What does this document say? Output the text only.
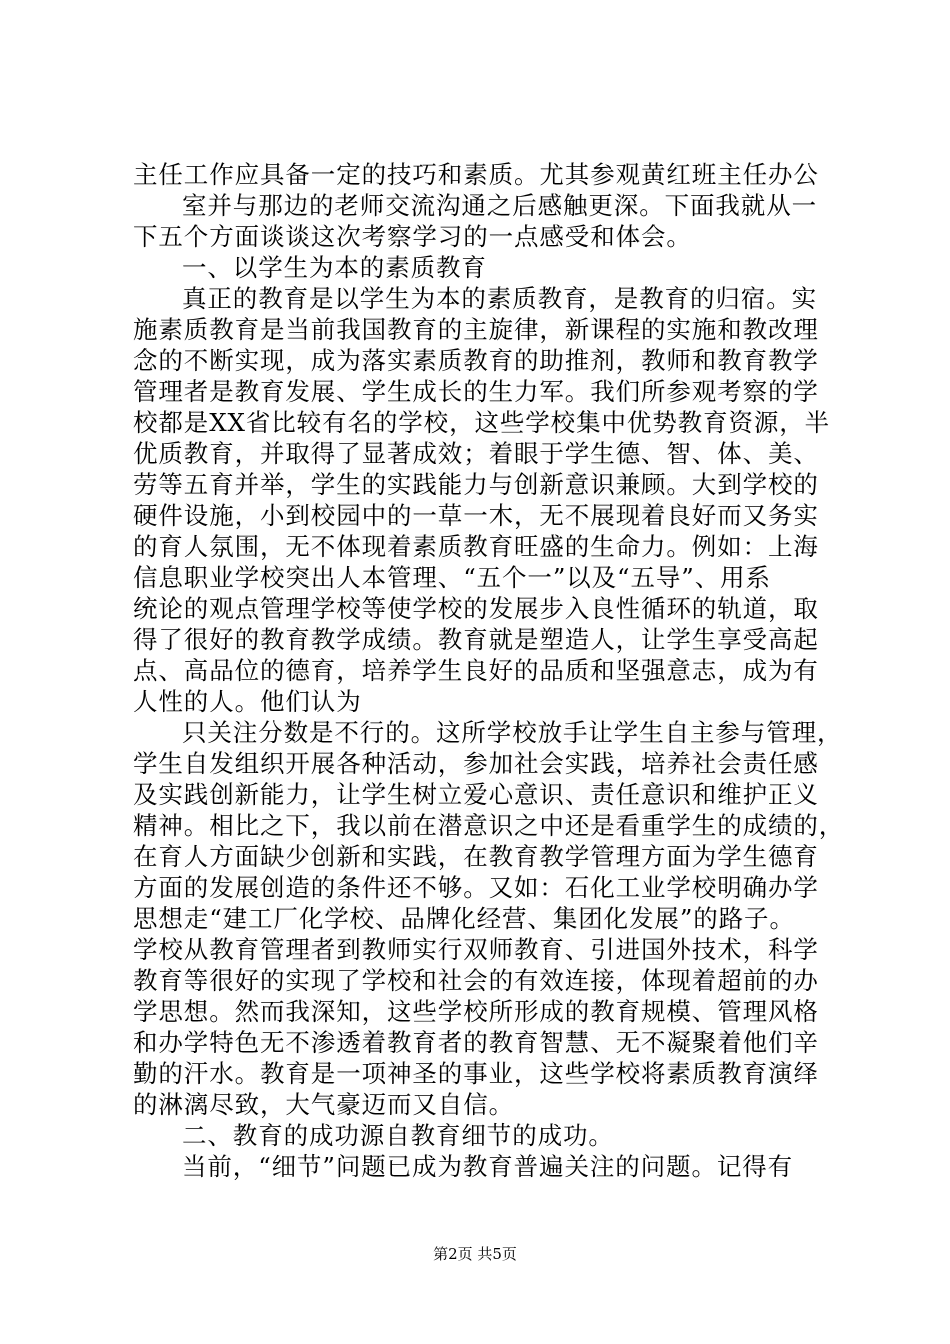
主任工作应具备一定的技巧和素质。尤其参观黄红班主任办公
室并与那边的老师交流沟通之后感触更深。下面我就从一
下五个方面谈谈这次考察学习的一点感受和体会。
一、以学生为本的素质教育
真正的教育是以学生为本的素质教育，是教育的归宿。实
施素质教育是当前我国教育的主旋律，新课程的实施和教改理
念的不断实现，成为落实素质教育的助推剂，教师和教育教学
管理者是教育发展、学生成长的生力军。我们所参观考察的学
校都是XX省比较有名的学校，这些学校集中优势教育资源，半
优质教育，并取得了显著成效；着眼于学生德、智、体、美、
劳等五育并举，学生的实践能力与创新意识兼顾。大到学校的
硬件设施，小到校园中的一草一木，无不展现着良好而又务实
的育人氛围，无不体现着素质教育旺盛的生命力。例如：上海
信息职业学校突出人本管理、“五个一”以及“五导”、用系
统论的观点管理学校等使学校的发展步入良性循环的轨道，取
得了很好的教育教学成绩。教育就是塑造人，让学生享受高起
点、高品位的德育，培养学生良好的品质和坚强意志，成为有
人性的人。他们认为
只关注分数是不行的。这所学校放手让学生自主参与管理，
学生自发组织开展各种活动，参加社会实践，培养社会责任感
及实践创新能力，让学生树立爱心意识、责任意识和维护正义
精神。相比之下，我以前在潜意识之中还是看重学生的成绩的，
在育人方面缺少创新和实践，在教育教学管理方面为学生德育
方面的发展创造的条件还不够。又如：石化工业学校明确办学
思想走“建工厂化学校、品牌化经营、集团化发展”的路子。
学校从教育管理者到教师实行双师教育、引进国外技术，科学
教育等很好的实现了学校和社会的有效连接，体现着超前的办
学思想。然而我深知，这些学校所形成的教育规模、管理风格
和办学特色无不渗透着教育者的教育智慧、无不凝聚着他们辛
勤的汗水。教育是一项神圣的事业，这些学校将素质教育演绎
的淋漓尽致，大气豪迈而又自信。
二、教育的成功源自教育细节的成功。
当前，“细节”问题已成为教育普遍关注的问题。记得有
第2页 共5页
